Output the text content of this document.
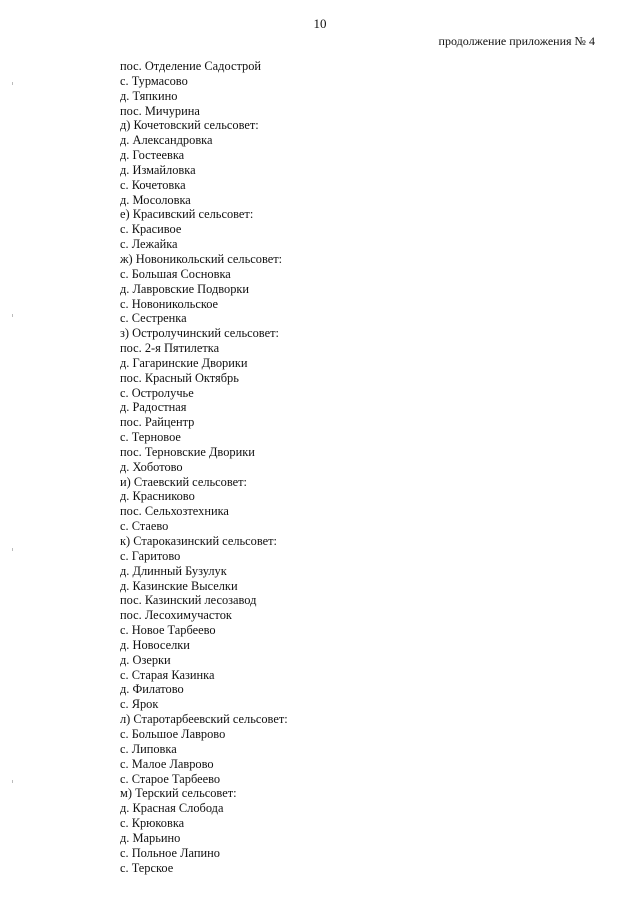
10
продолжение приложения № 4
пос. Отделение Садострой
с. Турмасово
д. Тяпкино
пос. Мичурина
д) Кочетовский сельсовет:
д. Александровка
д. Гостеевка
д. Измайловка
с. Кочетовка
д. Мосоловка
е) Красивский сельсовет:
с. Красивое
с. Лежайка
ж) Новоникольский сельсовет:
с. Большая Сосновка
д. Лавровские Подворки
с. Новоникольское
с. Сестренка
з) Остролучинский сельсовет:
пос. 2-я Пятилетка
д. Гагаринские Дворики
пос. Красный Октябрь
с. Остролучье
д. Радостная
пос. Райцентр
с. Терновое
пос. Терновские Дворики
д. Хоботово
и) Стаевский сельсовет:
д. Красниково
пос. Сельхозтехника
с. Стаево
к) Староказинский сельсовет:
с. Гаритово
д. Длинный Бузулук
д. Казинские Выселки
пос. Казинский лесозавод
пос. Лесохимучасток
с. Новое Тарбеево
д. Новоселки
д. Озерки
с. Старая Казинка
д. Филатово
с. Ярок
л) Старотарбеевский сельсовет:
с. Большое Лаврово
с. Липовка
с. Малое Лаврово
с. Старое Тарбеево
м) Терский сельсовет:
д. Красная Слобода
с. Крюковка
д. Марьино
с. Польное Лапино
с. Терское
